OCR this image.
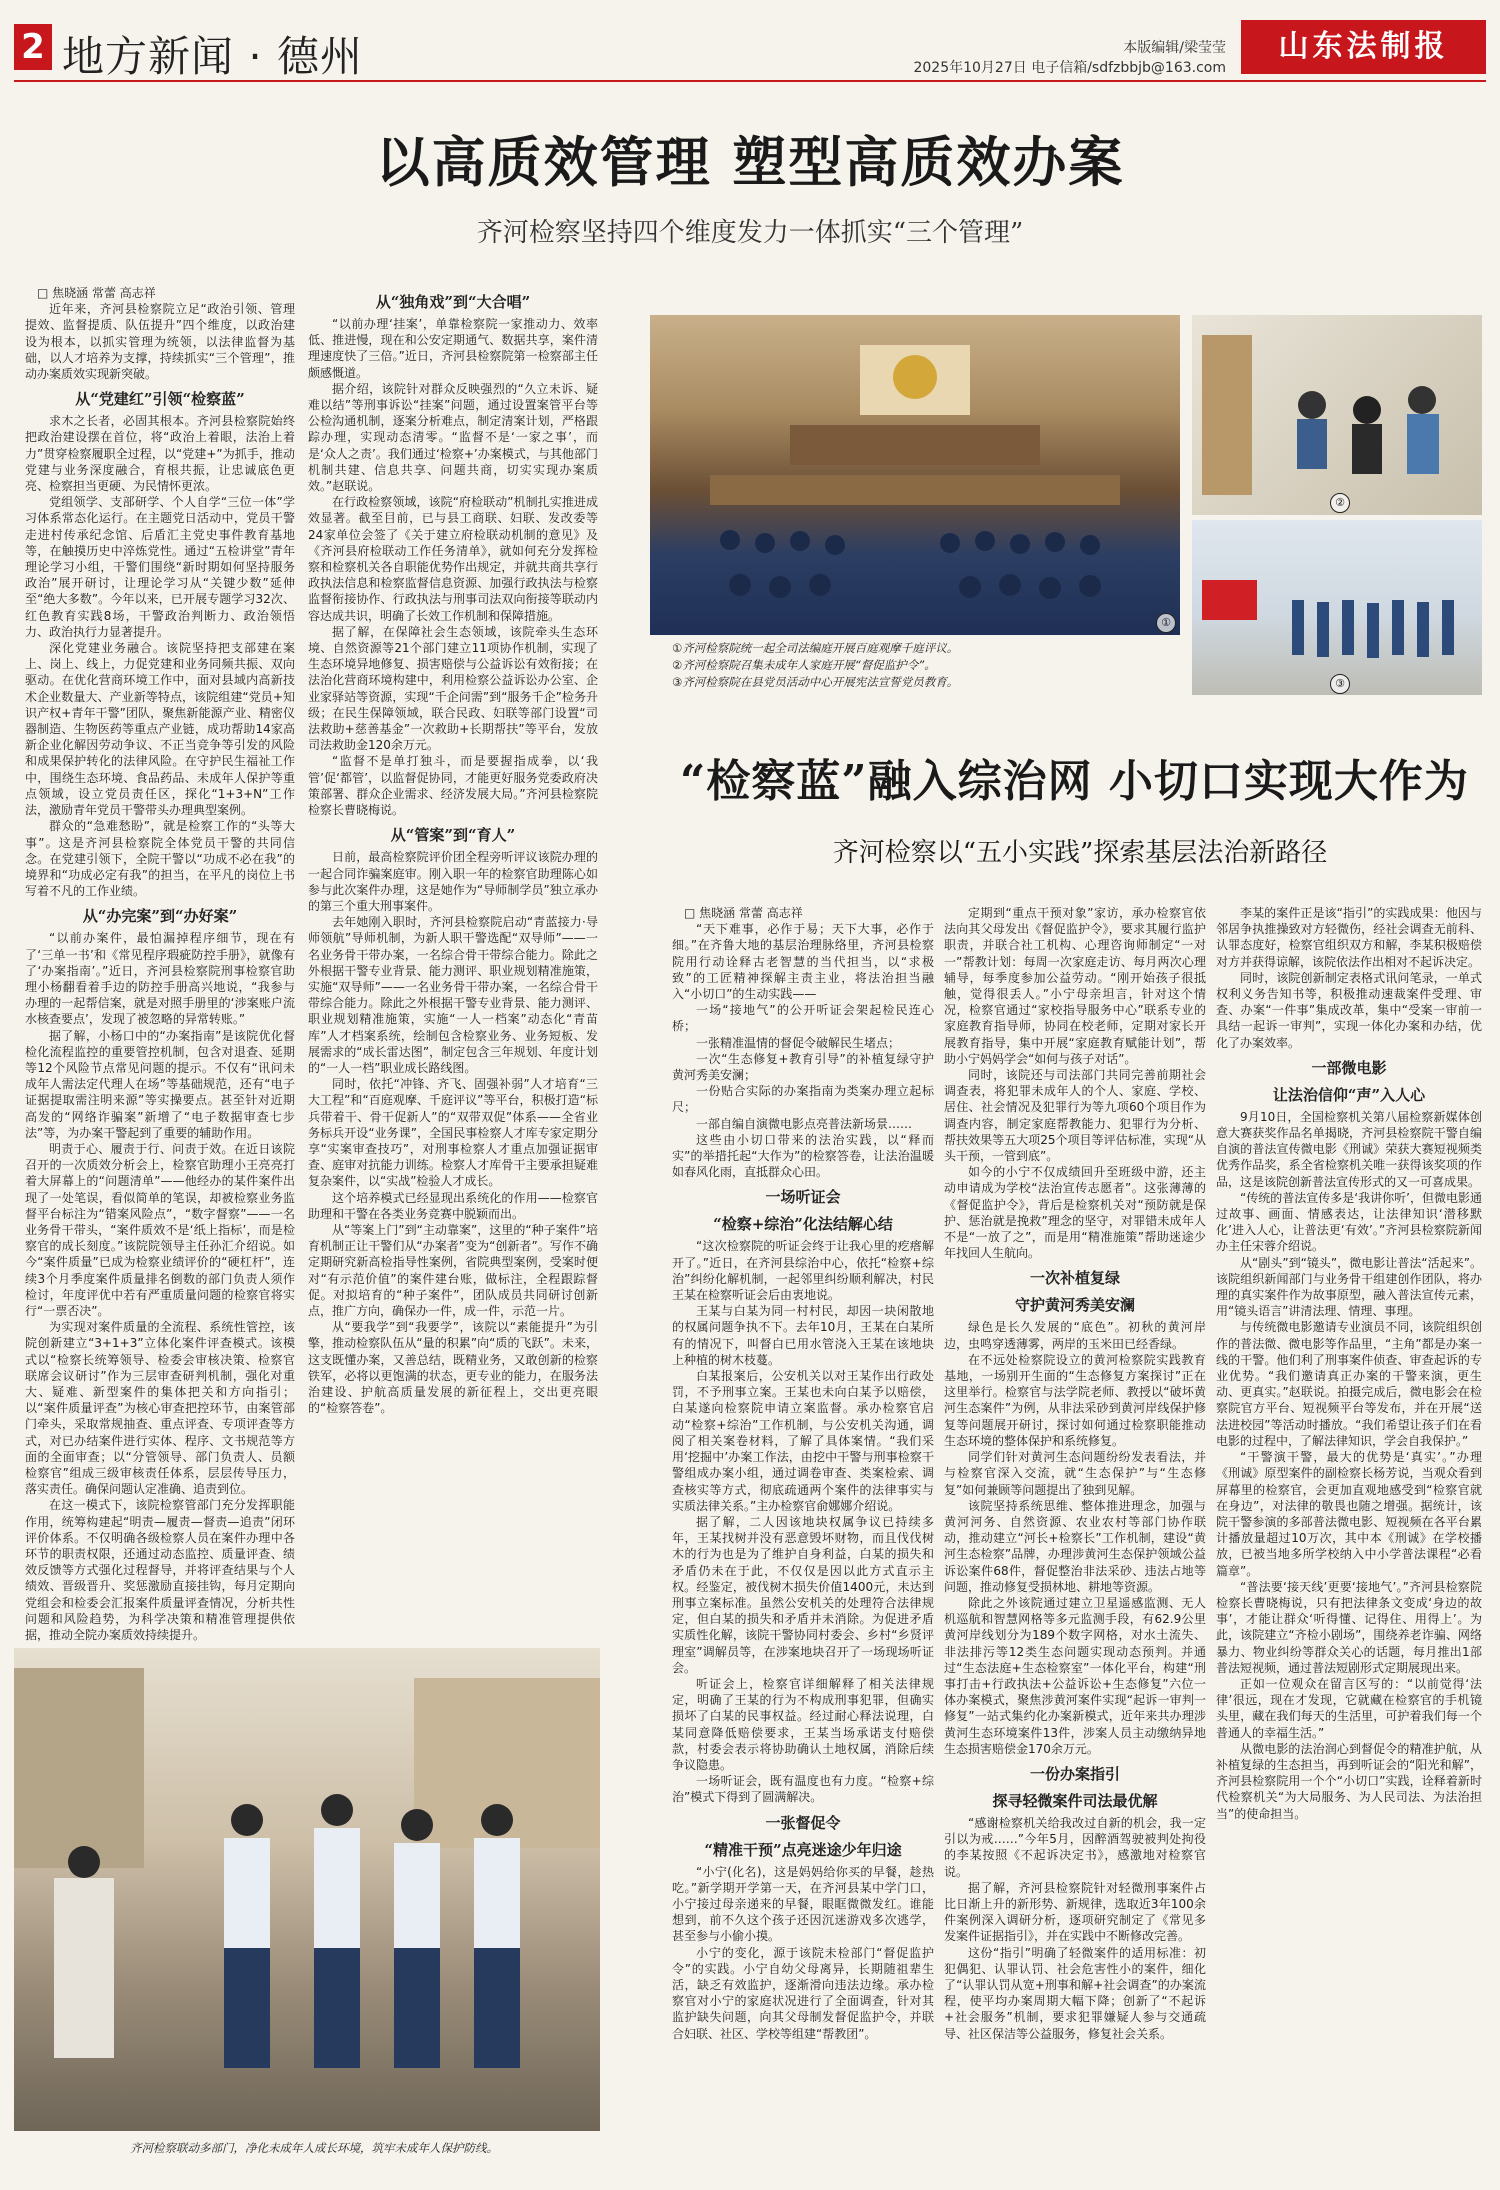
2 地方新闻 · 德州	本版编辑/梁莹莹
2025年10月27日 电子信箱/sdfzbbjb@163.com
山东法制报
以高质效管理 塑型高质效办案
齐河检察坚持四个维度发力一体抓实“三个管理”

□ 焦晓涵 常蕾 高志祥

近年来，齐河县检察院立足“政治引领、管理提效、监督提质、队伍提升”四个维度，以政治建设为根本，以抓实管理为统领，以法律监督为基础，以人才培养为支撑，持续抓实“三个管理”，推动办案质效实现新突破。

从“党建红”引领“检察蓝”

求木之长者，必固其根本。齐河县检察院始终把政治建设摆在首位，将“政治上着眼，法治上着力”贯穿检察履职全过程，以“党建+”为抓手，推动党建与业务深度融合，育根共振，让忠诚底色更亮、检察担当更硬、为民情怀更浓。

党组领学、支部研学、个人自学“三位一体”学习体系常态化运行。在主题党日活动中，党员干警走进村传承纪念馆、后盾汇主党史事件教育基地等，在触摸历史中淬炼党性。通过“五检讲堂”青年理论学习小组，干警们围绕“新时期如何坚持服务政治”展开研讨，让理论学习从“关键少数”延伸至“绝大多数”。今年以来，已开展专题学习32次、红色教育实践8场，干警政治判断力、政治领悟力、政治执行力显著提升。

深化党建业务融合。该院坚持把支部建在案上、岗上、线上，力促党建和业务同频共振、双向驱动。在优化营商环境工作中，面对县域内高新技术企业数量大、产业新等特点，该院组建“党员+知识产权+青年干警”团队，聚焦新能源产业、精密仪器制造、生物医药等重点产业链，成功帮助14家高新企业化解因劳动争议、不正当竞争等引发的风险和成果保护转化的法律风险。在守护民生福祉工作中，围绕生态环境、食品药品、未成年人保护等重点领域，设立党员责任区，探化“1+3+N”工作法，激励青年党员干警带头办理典型案例。

群众的“急难愁盼”，就是检察工作的“头等大事”。这是齐河县检察院全体党员干警的共同信念。在党建引领下，全院干警以“功成不必在我”的境界和“功成必定有我”的担当，在平凡的岗位上书写着不凡的工作业绩。

从“办完案”到“办好案”

“以前办案件，最怕漏掉程序细节，现在有了‘三单一书’和《常见程序瑕疵防控手册》，就像有了‘办案指南’。”近日，齐河县检察院刑事检察官助理小杨翻看着手边的防控手册高兴地说，“我参与办理的一起帮信案，就是对照手册里的‘涉案账户流水核查要点’，发现了被忽略的异常转账。”

据了解，小杨口中的“办案指南”是该院优化督检化流程监控的重要管控机制，包含对退查、延期等12个风险节点常见问题的提示。不仅有“讯问未成年人需法定代理人在场”等基础规范，还有“电子证据提取需注明来源”等实操要点。甚至针对近期高发的“网络诈骗案”新增了“电子数据审查七步法”等，为办案干警起到了重要的辅助作用。

明责于心、履责于行、问责于效。在近日该院召开的一次质效分析会上，检察官助理小王亮亮打着大屏幕上的“问题清单”——他经办的某件案件出现了一处笔误，看似简单的笔误，却被检察业务监督平台标注为“错案风险点”，“数字督察”——一名业务骨干带头，“案件质效不是‘纸上指标’，而是检察官的成长刻度。”该院院领导主任孙汇介绍说。如今“案件质量”已成为检察业绩评价的“硬杠杆”，连续3个月季度案件质量排名倒数的部门负责人须作检讨，年度评优中若有严重质量问题的检察官将实行“一票否决”。

为实现对案件质量的全流程、系统性管控，该院创新建立“3+1+3”立体化案件评查模式。该模式以“检察长统筹领导、检委会审核决策、检察官联席会议研讨”作为三层审查研判机制，强化对重大、疑难、新型案件的集体把关和方向指引；以“案件质量评查”为核心审查把控环节，由案管部门牵头，采取常规抽查、重点评查、专项评查等方式，对已办结案件进行实体、程序、文书规范等方面的全面审查；以“分管领导、部门负责人、员额检察官”组成三级审核责任体系，层层传导压力，落实责任。确保问题认定准确、追责到位。

在这一模式下，该院检察管部门充分发挥职能作用，统筹构建起“明责—履责—督责—追责”闭环评价体系。不仅明确各级检察人员在案件办理中各环节的职责权限，还通过动态监控、质量评查、绩效反馈等方式强化过程督导，并将评查结果与个人绩效、晋级晋升、奖惩激励直接挂钩，每月定期向党组会和检委会汇报案件质量评查情况，分析共性问题和风险趋势，为科学决策和精准管理提供依据，推动全院办案质效持续提升。

从“独角戏”到“大合唱”

“以前办理‘挂案’，单靠检察院一家推动力、效率低、推进慢，现在和公安定期通气、数据共享，案件清理速度快了三倍。”近日，齐河县检察院第一检察部主任颇感慨道。

据介绍，该院针对群众反映强烈的“久立未诉、疑难以结”等刑事诉讼“挂案”问题，通过设置案管平台等公检沟通机制，逐案分析难点，制定清案计划，严格跟踪办理，实现动态清零。“监督不是‘一家之事’，而是‘众人之责’。我们通过‘检察+’办案模式，与其他部门机制共建、信息共享、问题共商，切实实现办案质效。”赵联说。

在行政检察领域，该院“府检联动”机制扎实推进成效显著。截至目前，已与县工商联、妇联、发改委等24家单位会签了《关于建立府检联动机制的意见》及《齐河县府检联动工作任务清单》，就如何充分发挥检察和检察机关各自职能优势作出规定，并就共商共享行政执法信息和检察监督信息资源、加强行政执法与检察监督衔接协作、行政执法与刑事司法双向衔接等联动内容达成共识，明确了长效工作机制和保障措施。

据了解，在保障社会生态领域，该院牵头生态环境、自然资源等21个部门建立11项协作机制，实现了生态环境异地修复、损害赔偿与公益诉讼有效衔接；在法治化营商环境构建中，利用检察公益诉讼办公室、企业家驿站等资源，实现“千企问需”到“服务千企”检务升级；在民生保障领域，联合民政、妇联等部门设置“司法救助+慈善基金”一次救助+长期帮扶”等平台，发放司法救助金120余万元。

“监督不是单打独斗，而是要握指成拳，以‘我管’促‘都管’，以监督促协同，才能更好服务党委政府决策部署、群众企业需求、经济发展大局。”齐河县检察院检察长曹晓梅说。

从“管案”到“育人”

日前，最高检察院评价团全程旁听评议该院办理的一起合同诈骗案庭审。刚入职一年的检察官助理陈心如参与此次案件办理，这是她作为“导师制学员”独立承办的第三个重大刑事案件。

去年她刚入职时，齐河县检察院启动“青蓝接力·导师领航”导师机制，为新人职干警选配“双导师”——一名业务骨干带办案，一名综合骨干带综合能力。除此之外根据干警专业背景、能力测评、职业规划精准施策，实施“双导师”——一名业务骨干带办案，一名综合骨干带综合能力。除此之外根据干警专业背景、能力测评、职业规划精准施策，实施“一人一档案”动态化“青苗库”人才档案系统，绘制包含检察业务、业务短板、发展需求的“成长雷达图”，制定包含三年规划、年度计划的“一人一档”职业成长路线图。

同时，依托“冲锋、齐飞、固强补弱”人才培育“三大工程”和“百庭观摩、千庭评议”等平台，积极打造“标兵带着干、骨干促新人”的“双带双促”体系——全省业务标兵开设“业务课”，全国民事检察人才库专家定期分享“实案审查技巧”，对刑事检察人才重点加强证据审查、庭审对抗能力训练。检察人才库骨干主要承担疑难复杂案件，以“实战”检验人才成长。

这个培养模式已经显现出系统化的作用——检察官助理和干警在各类业务竞赛中脱颖而出。

从“等案上门”到“主动靠案”，这里的“种子案件”培育机制正让干警们从“办案者”变为“创新者”。写作不确定期研究新高检指导性案例，省院典型案例，受案时便对“有示范价值”的案件建台账，做标注，全程跟踪督促。对拟培育的“种子案件”，团队成员共同研讨创新点，推广方向，确保办一件，成一件，示范一片。

从“要我学”到“我要学”，该院以“素能提升”为引擎，推动检察队伍从“量的积累”向“质的飞跃”。未来，这支既懂办案，又善总结，既精业务，又敢创新的检察铁军，必将以更饱满的状态，更专业的能力，在服务法治建设、护航高质量发展的新征程上，交出更亮眼的“检察答卷”。

①
②
③
①齐河检察院统一起全司法编庭开展百庭观摩千庭评议。
②齐河检察院召集未成年人家庭开展“督促监护令”。
③齐河检察院在县党员活动中心开展宪法宣誓党员教育。
齐河检察联动多部门，净化未成年人成长环境，筑牢未成年人保护防线。
“检察蓝”融入综治网 小切口实现大作为
齐河检察以“五小实践”探索基层法治新路径

□ 焦晓涵 常蕾 高志祥

“天下难事，必作于易；天下大事，必作于细。”在齐鲁大地的基层治理脉络里，齐河县检察院用行动诠释古老智慧的当代担当，以“求极致”的工匠精神探解主责主业，将法治担当融入“小切口”的生动实践——

一场“接地气”的公开听证会架起检民连心桥；

一张精准温情的督促令破解民生堵点；

一次“生态修复+教育引导”的补植复绿守护黄河秀美安澜；

一份贴合实际的办案指南为类案办理立起标尺；

一部自编自演微电影点亮普法新场景……

这些由小切口带来的法治实践，以“释而实”的举措托起“大作为”的检察答卷，让法治温暖如春风化雨，直抵群众心田。

一场听证会
“检察+综治”化法结解心结

“这次检察院的听证会终于让我心里的疙瘩解开了。”近日，在齐河县综治中心，依托“检察+综治”纠纷化解机制，一起邻里纠纷顺利解决，村民王某在检察听证会后由衷地说。

王某与白某为同一村村民，却因一块闲散地的权属问题争执不下。去年10月，王某在白某所有的情况下，叫督白已用水管浇入王某在该地块上种植的树木枝蔓。

白某报案后，公安机关以对王某作出行政处罚，不予刑事立案。王某也未向白某予以赔偿，白某遂向检察院申请立案监督。承办检察官启动“检察+综治”工作机制，与公安机关沟通，调阅了相关案卷材料，了解了具体案情。“我们采用‘挖掘中’办案工作法，由挖中干警与刑事检察干警组成办案小组，通过调卷审查、类案检索、调查核实等方式，彻底疏通两个案件的法律事实与实质法律关系。”主办检察官俞娜娜介绍说。

据了解，二人因该地块权属争议已持续多年，王某找树并没有恶意毁坏财物，而且伐伐树木的行为也是为了维护自身利益，白某的损失和矛盾仍未在于此，不仅仅是因以此方式直示主权。经鉴定，被伐树木损失价值1400元，未达到刑事立案标准。虽然公安机关的处理符合法律规定，但白某的损失和矛盾并未消除。为促进矛盾实质性化解，该院干警协同村委会、乡村“乡贤评理室”调解员等，在涉案地块召开了一场现场听证会。

听证会上，检察官详细解释了相关法律规定，明确了王某的行为不构成刑事犯罪，但确实损坏了白某的民事权益。经过耐心释法说理，白某同意降低赔偿要求，王某当场承诺支付赔偿款，村委会表示将协助确认土地权属，消除后续争议隐患。

一场听证会，既有温度也有力度。“检察+综治”模式下得到了圆满解决。

一张督促令
“精准干预”点亮迷途少年归途

“小宁(化名)，这是妈妈给你买的早餐，趁热吃。”新学期开学第一天，在齐河县某中学门口，小宁接过母亲递来的早餐，眼眶微微发红。谁能想到，前不久这个孩子还因沉迷游戏多次逃学，甚至参与小偷小摸。

小宁的变化，源于该院未检部门“督促监护令”的实践。小宁自幼父母离异，长期随祖辈生活，缺乏有效监护，逐渐滑向违法边缘。承办检察官对小宁的家庭状况进行了全面调查，针对其监护缺失问题，向其父母制发督促监护令，并联合妇联、社区、学校等组建“帮教团”。

定期到“重点干预对象”家访，承办检察官依法向其父母发出《督促监护令》，要求其履行监护职责，并联合社工机构、心理咨询师制定“一对一”帮教计划：每周一次家庭走访、每月两次心理辅导，每季度参加公益劳动。“刚开始孩子很抵触，觉得很丢人。”小宁母亲坦言，针对这个情况，检察官通过“家校指导服务中心”联系专业的家庭教育指导师，协同在校老师，定期对家长开展教育指导，集中开展“家庭教育赋能计划”，帮助小宁妈妈学会“如何与孩子对话”。

同时，该院还与司法部门共同完善前期社会调查表，将犯罪未成年人的个人、家庭、学校、居住、社会情况及犯罪行为等九项60个项目作为调查内容，制定家庭帮教能力、犯罪行为分析、帮扶效果等五大项25个项目等评估标准，实现“从头干预，一管到底”。

如今的小宁不仅成绩回升至班级中游，还主动申请成为学校“法治宣传志愿者”。这张薄薄的《督促监护令》，背后是检察机关对“预防就是保护、惩治就是挽救”理念的坚守，对罪错未成年人不是“一放了之”，而是用“精准施策”帮助迷途少年找回人生航向。

一次补植复绿
守护黄河秀美安澜

绿色是长久发展的“底色”。初秋的黄河岸边，虫鸣穿透薄雾，两岸的玉米田已经香绿。

在不远处检察院设立的黄河检察院实践教育基地，一场别开生面的“生态修复方案探讨”正在这里举行。检察官与法学院老师、教授以“破坏黄河生态案件”为例，从非法采砂到黄河岸线保护修复等问题展开研讨，探讨如何通过检察职能推动生态环境的整体保护和系统修复。

同学们针对黄河生态问题纷纷发表看法，并与检察官深入交流，就“生态保护”与“生态修复”如何兼顾等问题提出了独到见解。

该院坚持系统思维、整体推进理念，加强与黄河河务、自然资源、农业农村等部门协作联动，推动建立“河长+检察长”工作机制，建设“黄河生态检察”品牌，办理涉黄河生态保护领域公益诉讼案件68件，督促整治非法采砂、违法占地等问题，推动修复受损林地、耕地等资源。

除此之外该院通过建立卫星遥感监测、无人机巡航和智慧网格等多元监测手段，有62.9公里黄河岸线划分为189个数字网格，对水土流失、非法排污等12类生态问题实现动态预判。并通过“生态法庭+生态检察室”一体化平台，构建“刑事打击+行政执法+公益诉讼+生态修复”六位一体办案模式，聚焦涉黄河案件实现“起诉一审判一修复”一站式集约化办案新模式，近年来共办理涉黄河生态环境案件13件，涉案人员主动缴纳异地生态损害赔偿金170余万元。

一份办案指引
探寻轻微案件司法最优解

“感谢检察机关给我改过自新的机会，我一定引以为戒……”今年5月，因醉酒驾驶被判处拘役的李某按照《不起诉决定书》，感激地对检察官说。

据了解，齐河县检察院针对轻微刑事案件占比日渐上升的新形势、新规律，选取近3年100余件案例深入调研分析，逐项研究制定了《常见多发案件证据指引》，并在实践中不断修改完善。

这份“指引”明确了轻微案件的适用标准：初犯偶犯、认罪认罚、社会危害性小的案件，细化了“认罪认罚从宽+刑事和解+社会调查”的办案流程，使平均办案周期大幅下降；创新了“不起诉+社会服务”机制，要求犯罪嫌疑人参与交通疏导、社区保洁等公益服务，修复社会关系。

李某的案件正是该“指引”的实践成果：他因与邻居争执推操致对方轻微伤，经社会调查无前科、认罪态度好，检察官组织双方和解，李某积极赔偿对方并获得谅解，该院依法作出相对不起诉决定。

同时，该院创新制定表格式讯问笔录，一单式权利义务告知书等，积极推动速裁案件受理、审查、办案“一件事”集成改革，集中“受案一审前一具结一起诉一审判”，实现一体化办案和办结，优化了办案效率。

一部微电影
让法治信仰“声”入人心

9月10日，全国检察机关第八届检察新媒体创意大赛获奖作品名单揭晓，齐河县检察院干警自编自演的普法宣传微电影《刑诚》荣获大赛短视频类优秀作品奖，系全省检察机关唯一获得该奖项的作品，这是该院创新普法宣传形式的又一可喜成果。

“传统的普法宣传多是‘我讲你听’，但微电影通过故事、画面、情感表达，让法律知识‘潜移默化’进入人心，让普法更‘有效’。”齐河县检察院新闻办主任宋蓉介绍说。

从“剧头”到“镜头”，微电影让普法“活起来”。该院组织新闻部门与业务骨干组建创作团队，将办理的真实案件作为故事原型，融入普法宣传元素，用“镜头语言”讲清法理、情理、事理。

与传统微电影邀请专业演员不同，该院组织创作的普法微、微电影等作品里，“主角”都是办案一线的干警。他们利了刑事案件侦查、审查起诉的专业优势。“我们邀请真正办案的干警来演，更生动、更真实。”赵联说。拍摄完成后，微电影会在检察院官方平台、短视频平台等发布，并在开展“送法进校园”等活动时播放。“我们希望让孩子们在看电影的过程中，了解法律知识，学会自我保护。”

“干警演干警，最大的优势是‘真实’。”办理《刑诚》原型案件的副检察长杨芳说，当观众看到屏幕里的检察官，会更加直观地感受到“检察官就在身边”，对法律的敬畏也随之增强。据统计，该院干警参演的多部普法微电影、短视频在各平台累计播放量超过10万次，其中本《刑诚》在学校播放，已被当地多所学校纳入中小学普法课程“必看篇章”。

“普法要‘接天线’更要‘接地气’。”齐河县检察院检察长曹晓梅说，只有把法律条文变成‘身边的故事’，才能让群众‘听得懂、记得住、用得上’。为此，该院建立“齐检小剧场”，围绕养老诈骗、网络暴力、物业纠纷等群众关心的话题，每月推出1部普法短视频，通过普法短剧形式定期展现出来。

正如一位观众在留言区写的：“以前觉得‘法律’很远，现在才发现，它就藏在检察官的手机镜头里，藏在我们每天的生活里，可护着我们每一个普通人的幸福生活。”

从微电影的法治润心到督促令的精准护航，从补植复绿的生态担当，再到听证会的“阳光和解”，齐河县检察院用一个个“小切口”实践，诠释着新时代检察机关“为大局服务、为人民司法、为法治担当”的使命担当。
